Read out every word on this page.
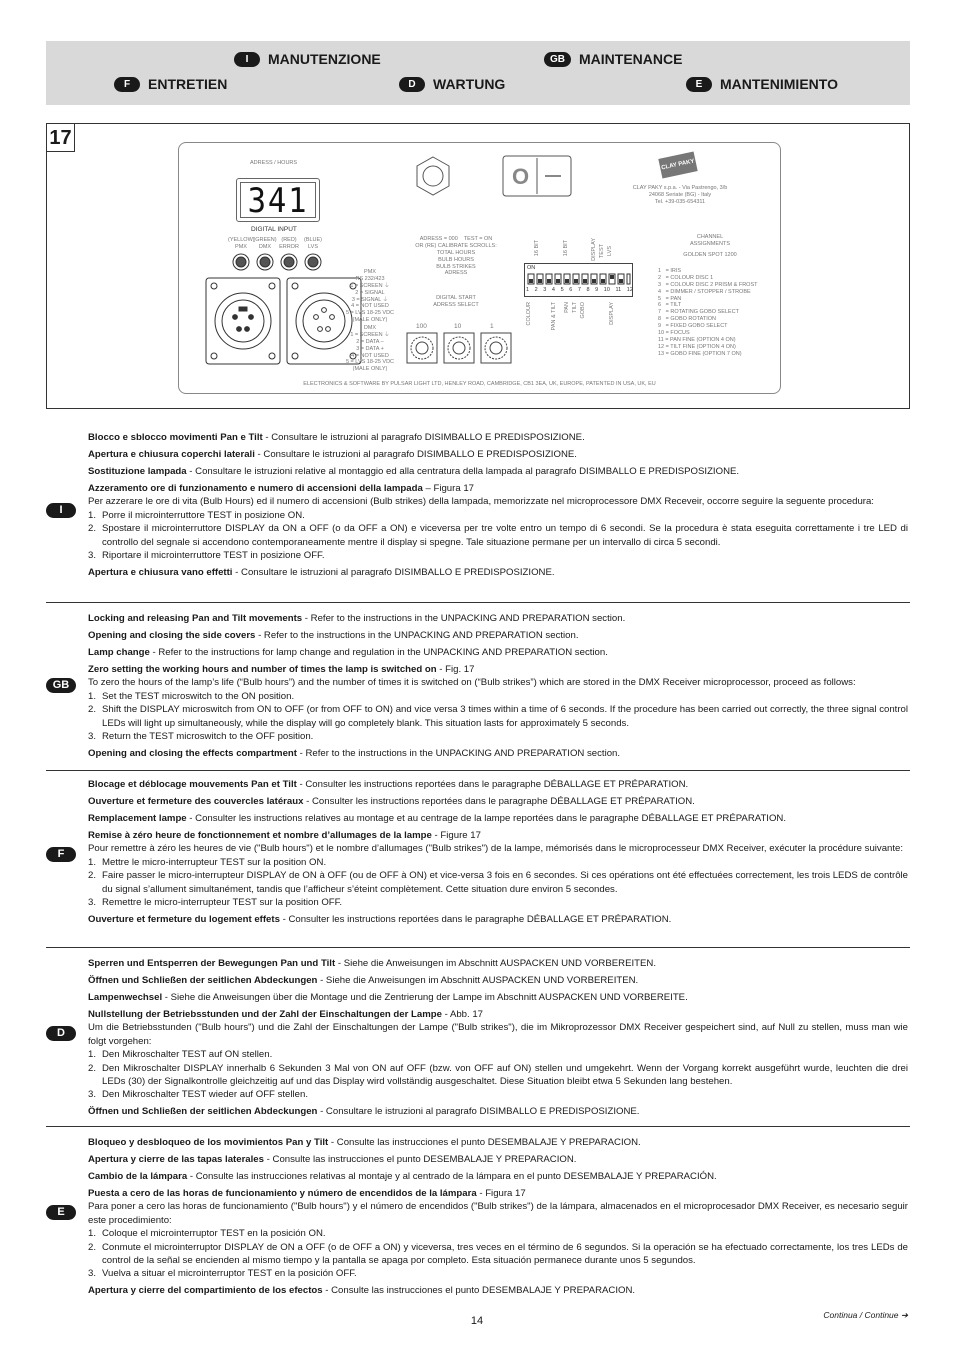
I	MANUTENZIONE	GB	MAINTENANCE
F	ENTRETIEN	D	WARTUNG	E	MANTENIMIENTO
17
ADRESS / HOURS
341
DIGITAL INPUT
(YELLOW)
PMX
(GREEN)
DMX
(RED)
ERROR
(BLUE)
LVS
PMX
RS 232/423
1 = SCREEN ⏚
2 = SIGNAL
3 = SIGNAL ⏚
4 = NOT USED
5 = LVS 18-25 VDC
(MALE ONLY)
DMX
1 = SCREEN ⏚
2 = DATA –
3 = DATA +
4 = NOT USED
5 = LVS 18-25 VDC
(MALE ONLY)
O
ADRESS = 000    TEST = ON
OR (RE) CALIBRATE SCROLLS:
TOTAL HOURS
BULB HOURS
BULB STRIKES
ADRESS
DIGITAL START
ADRESS SELECT
100	10	1
16 BIT	16 BIT	DISPLAY TEST LVS
ON
1 2 3 4 5 6 7 8 9 10 11 12
COLOUR	PAN & TILT PAN TILT GOBO	DISPLAY
CLAY PAKY
CLAY PAKY s.p.a. - Via Pastrengo, 3/b
24068 Seriate (BG) - Italy
Tel. +39-035-654311
CHANNEL
ASSIGNMENTS
GOLDEN SPOT 1200
1   = IRIS
2   = COLOUR DISC 1
3   = COLOUR DISC 2 PRISM & FROST
4   = DIMMER / STOPPER / STROBE
5   = PAN
6   = TILT
7   = ROTATING GOBO SELECT
8   = GOBO ROTATION
9   = FIXED GOBO SELECT
10 = FOCUS
11 = PAN FINE (OPTION 4 ON)
12 = TILT FINE (OPTION 4 ON)
13 = GOBO FINE (OPTION 7 ON)
ELECTRONICS & SOFTWARE BY PULSAR LIGHT LTD, HENLEY ROAD, CAMBRIDGE, CB1 3EA, UK, EUROPE, PATENTED IN USA, UK, EU
I

Blocco e sblocco movimenti Pan e Tilt - Consultare le istruzioni al paragrafo DISIMBALLO E PREDISPOSIZIONE.

Apertura e chiusura coperchi laterali - Consultare le istruzioni al paragrafo DISIMBALLO E PREDISPOSIZIONE.

Sostituzione lampada - Consultare le istruzioni relative al montaggio ed alla centratura della lampada al paragrafo DISIMBALLO E PREDISPOSIZIONE.

Azzeramento ore di funzionamento e numero di accensioni della lampada – Figura 17

Per azzerare le ore di vita (Bulb Hours) ed il numero di accensioni (Bulb strikes) della lampada, memorizzate nel microprocessore DMX Receveir, occorre seguire la seguente procedura:

1. Porre il microinterruttore TEST in posizione ON.
2. Spostare il microinterruttore DISPLAY da ON a OFF (o da OFF a ON) e viceversa per tre volte entro un tempo di 6 secondi. Se la procedura è stata eseguita correttamente i tre LED di controllo del segnale si accendono contemporaneamente mentre il display si spegne. Tale situazione permane per un intervallo di circa 5 secondi.
3. Riportare il microinterruttore TEST in posizione OFF.

Apertura e chiusura vano effetti - Consultare le istruzioni al paragrafo DISIMBALLO E PREDISPOSIZIONE.

GB

Locking and releasing Pan and Tilt movements - Refer to the instructions in the UNPACKING AND PREPARATION section.

Opening and closing the side covers - Refer to the instructions in the UNPACKING AND PREPARATION section.

Lamp change - Refer to the instructions for lamp change and regulation in the UNPACKING AND PREPARATION section.

Zero setting the working hours and number of times the lamp is switched on - Fig. 17

To zero the hours of the lamp’s life (“Bulb hours”) and the number of times it is switched on (“Bulb strikes”) which are stored in the DMX Receiver microprocessor, proceed as follows:

1. Set the TEST microswitch to the ON position.
2. Shift the DISPLAY microswitch from ON to OFF (or from OFF to ON) and vice versa 3 times within a time of 6 seconds. If the procedure has been carried out correctly, the three signal control LEDs will light up simultaneously, while the display will go completely blank. This situation lasts for approximately 5 seconds.
3. Return the TEST microswitch to the OFF position.

Opening and closing the effects compartment - Refer to the instructions in the UNPACKING AND PREPARATION section.

F

Blocage et déblocage mouvements Pan et Tilt - Consulter les instructions reportées dans le paragraphe DÉBALLAGE ET PRÉPARATION.

Ouverture et fermeture des couvercles latéraux - Consulter les instructions reportées dans le paragraphe DÉBALLAGE ET PRÉPARATION.

Remplacement lampe - Consulter les instructions relatives au montage et au centrage de la lampe reportées dans le paragraphe DÉBALLAGE ET PRÉPARATION.

Remise à zéro heure de fonctionnement et nombre d’allumages de la lampe - Figure 17

Pour remettre à zéro les heures de vie ("Bulb hours") et le nombre d’allumages ("Bulb strikes") de la lampe, mémorisés dans le microprocesseur DMX Receiver, exécuter la procédure suivante:

1. Mettre le micro-interrupteur TEST sur la position ON.
2. Faire passer le micro-interrupteur DISPLAY de ON à OFF (ou de OFF à ON) et vice-versa 3 fois en 6 secondes. Si ces opérations ont été effectuées correctement, les trois LEDS de contrôle du signal s’allument simultanément, tandis que l’afficheur s’éteint complètement. Cette situation dure environ 5 secondes.
3. Remettre le micro-interrupteur TEST sur la position OFF.

Ouverture et fermeture du logement effets - Consulter les instructions reportées dans le paragraphe DÉBALLAGE ET PRÉPARATION.

D

Sperren und Entsperren der Bewegungen Pan und Tilt - Siehe die Anweisungen im Abschnitt AUSPACKEN UND VORBEREITEN.

Öffnen und Schließen der seitlichen Abdeckungen - Siehe die Anweisungen im Abschnitt AUSPACKEN UND VORBEREITEN.

Lampenwechsel - Siehe die Anweisungen über die Montage und die Zentrierung der Lampe im Abschnitt AUSPACKEN UND VORBEREITE.

Nullstellung der Betriebsstunden und der Zahl der Einschaltungen der Lampe - Abb. 17

Um die Betriebsstunden ("Bulb hours") und die Zahl der Einschaltungen der Lampe ("Bulb strikes"), die im Mikroprozessor DMX Receiver gespeichert sind, auf Null zu stellen, muss man wie folgt vorgehen:

1. Den Mikroschalter TEST auf ON stellen.
2. Den Mikroschalter DISPLAY innerhalb 6 Sekunden 3 Mal von ON auf OFF (bzw. von OFF auf ON) stellen und umgekehrt. Wenn der Vorgang korrekt ausgeführt wurde, leuchten die drei LEDs (30) der Signalkontrolle gleichzeitig auf und das Display wird vollständig ausgeschaltet. Diese Situation bleibt etwa 5 Sekunden lang bestehen.
3. Den Mikroschalter TEST wieder auf OFF stellen.

Öffnen und Schließen der seitlichen Abdeckungen - Consultare le istruzioni al paragrafo DISIMBALLO E PREDISPOSIZIONE.

E

Bloqueo y desbloqueo de los movimientos Pan y Tilt - Consulte las instrucciones el punto DESEMBALAJE Y PREPARACION.

Apertura y cierre de las tapas laterales - Consulte las instrucciones el punto DESEMBALAJE Y PREPARACION.

Cambio de la lámpara - Consulte las instrucciones relativas al montaje y al centrado de la lámpara en el punto DESEMBALAJE Y PREPARACIÓN.

Puesta a cero de las horas de funcionamiento y número de encendidos de la lámpara - Figura 17

Para poner a cero las horas de funcionamiento ("Bulb hours") y el número de encendidos ("Bulb strikes") de la lámpara, almacenados en el microprocesador DMX Receiver, es necesario seguir este procedimiento:

1. Coloque el microinterruptor TEST en la posición ON.
2. Conmute el microinterruptor DISPLAY de ON a OFF (o de OFF a ON) y viceversa, tres veces en el término de 6 segundos. Si la operación se ha efectuado correctamente, los tres LEDs de control de la señal se encienden al mismo tiempo y la pantalla se apaga por completo. Esta situación permanece durante unos 5 segundos.
3. Vuelva a situar el microinterruptor TEST en la posición OFF.

Apertura y cierre del compartimiento de los efectos - Consulte las instrucciones el punto DESEMBALAJE Y PREPARACION.

14	Continua / Continue ➔
